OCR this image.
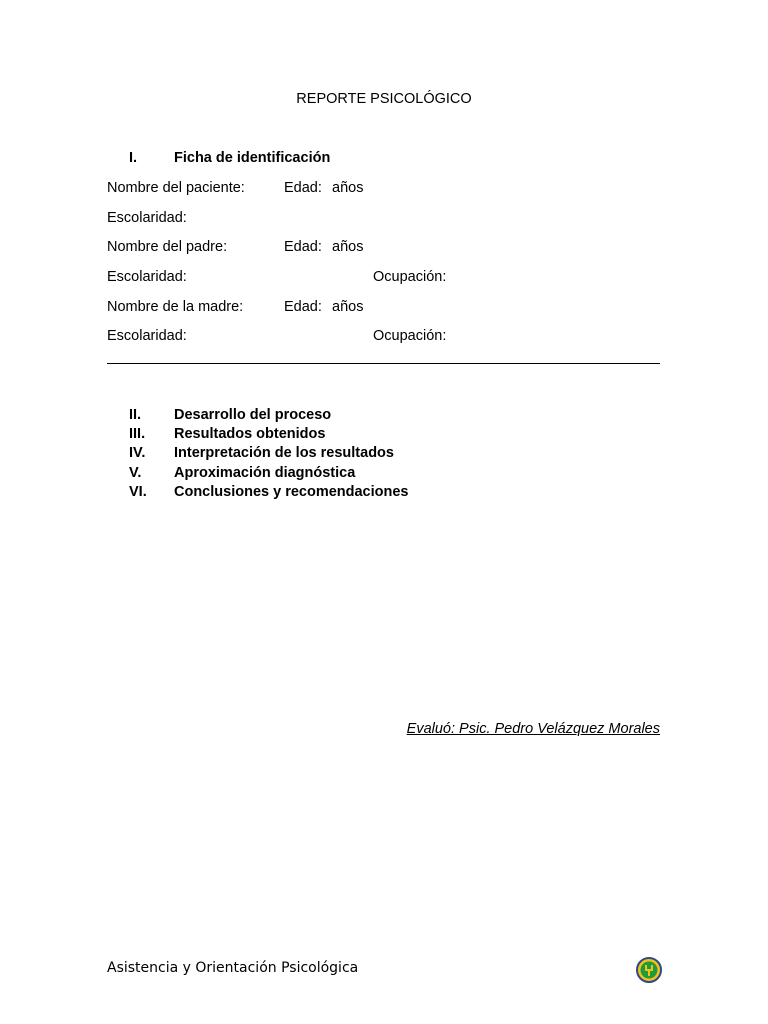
REPORTE PSICOLÓGICO
I.	Ficha de identificación
Nombre del paciente:	Edad: años
Escolaridad:
Nombre del padre:	Edad: años
Escolaridad:	Ocupación:
Nombre de la madre:	Edad: años
Escolaridad:	Ocupación:
II. Desarrollo del proceso
III. Resultados obtenidos
IV. Interpretación de los resultados
V. Aproximación diagnóstica
VI. Conclusiones y recomendaciones
Evaluó: Psic. Pedro Velázquez Morales
Asistencia y Orientación Psicológica
